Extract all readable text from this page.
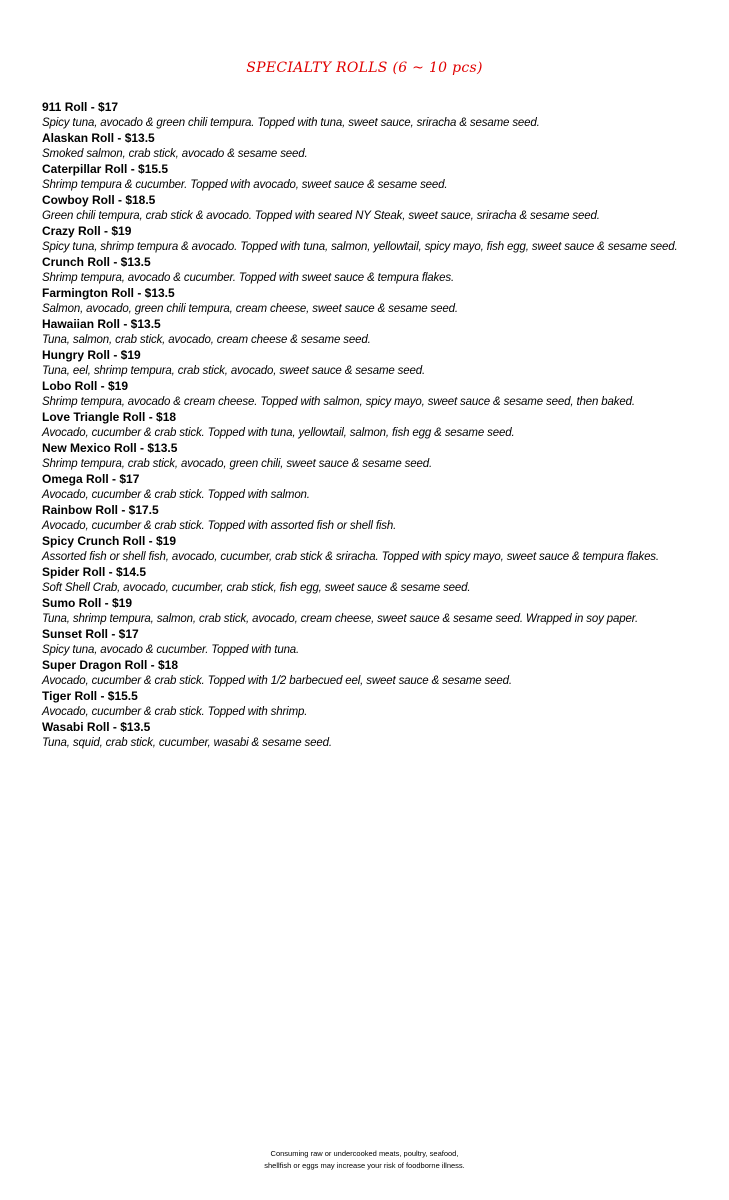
SPECIALTY ROLLS (6 ~ 10 pcs)
911 Roll - $17
Spicy tuna, avocado & green chili tempura. Topped with tuna, sweet sauce, sriracha & sesame seed.
Alaskan Roll - $13.5
Smoked salmon, crab stick, avocado & sesame seed.
Caterpillar Roll - $15.5
Shrimp tempura & cucumber. Topped with avocado, sweet sauce & sesame seed.
Cowboy Roll - $18.5
Green chili tempura, crab stick & avocado. Topped with seared NY Steak, sweet sauce, sriracha & sesame seed.
Crazy Roll - $19
Spicy tuna, shrimp tempura & avocado. Topped with tuna, salmon, yellowtail, spicy mayo, fish egg, sweet sauce & sesame seed.
Crunch Roll - $13.5
Shrimp tempura, avocado & cucumber. Topped with sweet sauce & tempura flakes.
Farmington Roll - $13.5
Salmon, avocado, green chili tempura, cream cheese, sweet sauce & sesame seed.
Hawaiian Roll - $13.5
Tuna, salmon, crab stick, avocado, cream cheese & sesame seed.
Hungry Roll - $19
Tuna, eel, shrimp tempura, crab stick, avocado, sweet sauce & sesame seed.
Lobo Roll - $19
Shrimp tempura, avocado & cream cheese. Topped with salmon, spicy mayo, sweet sauce & sesame seed, then baked.
Love Triangle Roll - $18
Avocado, cucumber & crab stick. Topped with tuna, yellowtail, salmon, fish egg & sesame seed.
New Mexico Roll - $13.5
Shrimp tempura, crab stick, avocado, green chili, sweet sauce & sesame seed.
Omega Roll - $17
Avocado, cucumber & crab stick. Topped with salmon.
Rainbow Roll - $17.5
Avocado, cucumber & crab stick. Topped with assorted fish or shell fish.
Spicy Crunch Roll - $19
Assorted fish or shell fish, avocado, cucumber, crab stick & sriracha. Topped with spicy mayo, sweet sauce & tempura flakes.
Spider Roll - $14.5
Soft Shell Crab, avocado, cucumber, crab stick, fish egg, sweet sauce & sesame seed.
Sumo Roll - $19
Tuna, shrimp tempura, salmon, crab stick, avocado, cream cheese, sweet sauce & sesame seed. Wrapped in soy paper.
Sunset Roll - $17
Spicy tuna, avocado & cucumber. Topped with tuna.
Super Dragon Roll - $18
Avocado, cucumber & crab stick. Topped with 1/2 barbecued eel, sweet sauce & sesame seed.
Tiger Roll - $15.5
Avocado, cucumber & crab stick. Topped with shrimp.
Wasabi Roll - $13.5
Tuna, squid, crab stick, cucumber, wasabi & sesame seed.
Consuming raw or undercooked meats, poultry, seafood,
shellfish or eggs may increase your risk of foodborne illness.
